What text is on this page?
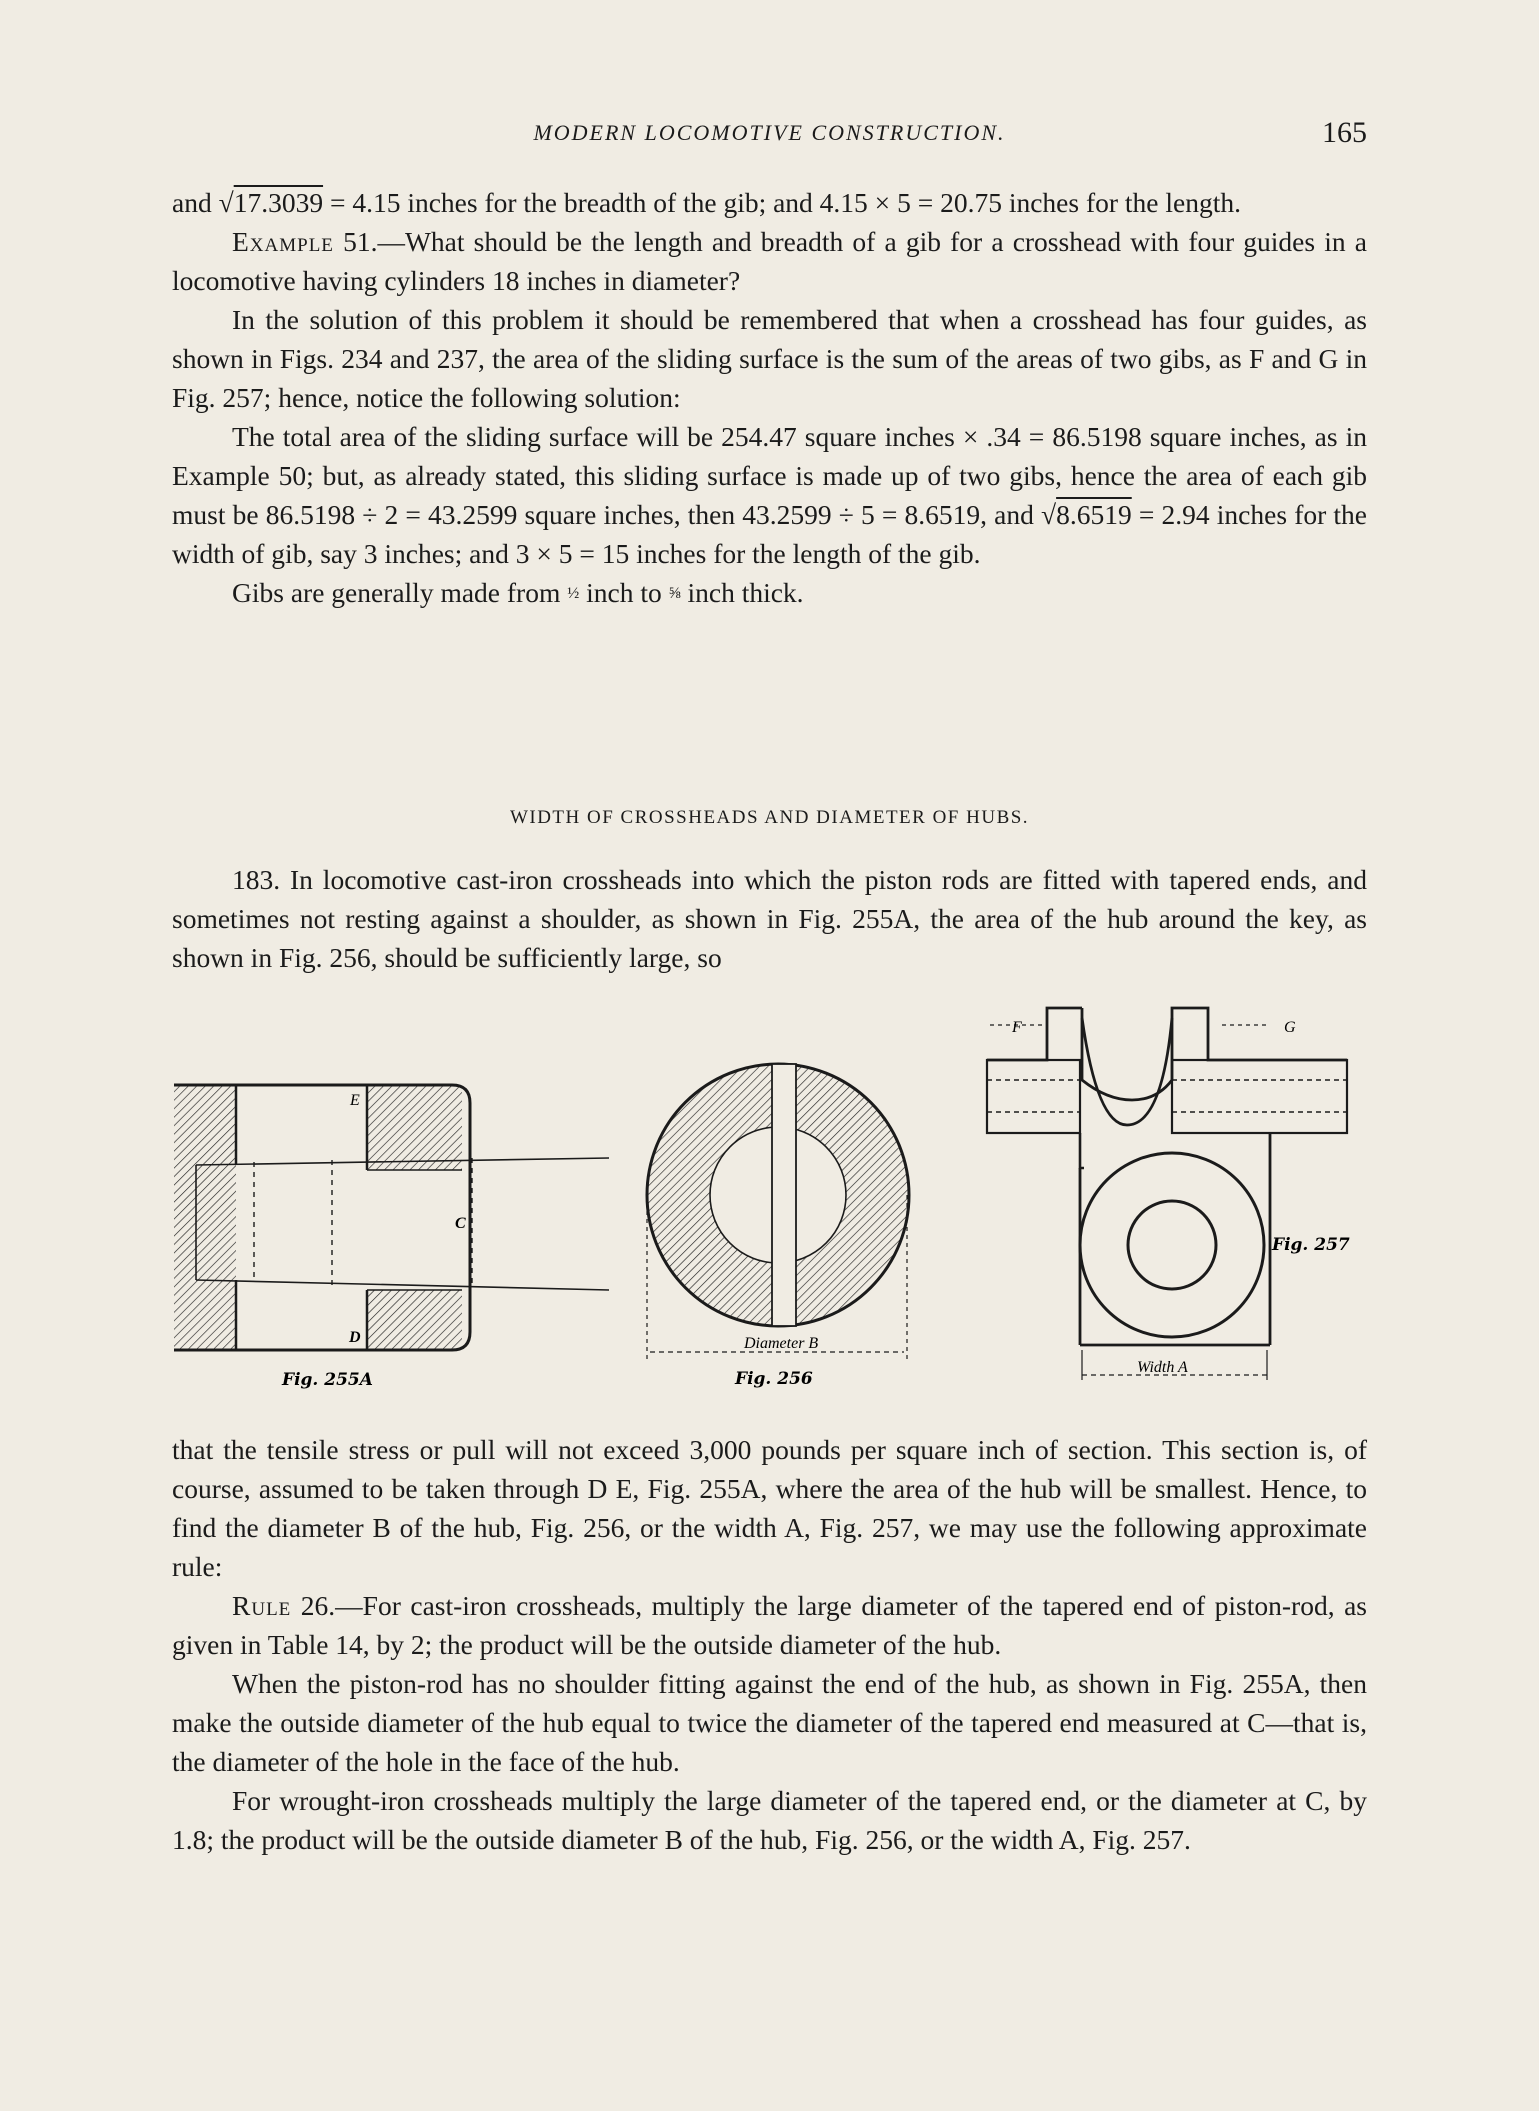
MODERN LOCOMOTIVE CONSTRUCTION.	165

and √17.3039 = 4.15 inches for the breadth of the gib; and 4.15 × 5 = 20.75 inches for the length.

Example 51.—What should be the length and breadth of a gib for a crosshead with four guides in a locomotive having cylinders 18 inches in diameter?

In the solution of this problem it should be remembered that when a crosshead has four guides, as shown in Figs. 234 and 237, the area of the sliding surface is the sum of the areas of two gibs, as F and G in Fig. 257; hence, notice the following solution:

The total area of the sliding surface will be 254.47 square inches × .34 = 86.5198 square inches, as in Example 50; but, as already stated, this sliding surface is made up of two gibs, hence the area of each gib must be 86.5198 ÷ 2 = 43.2599 square inches, then 43.2599 ÷ 5 = 8.6519, and √8.6519 = 2.94 inches for the width of gib, say 3 inches; and 3 × 5 = 15 inches for the length of the gib.

Gibs are generally made from ½ inch to ⅝ inch thick.

WIDTH OF CROSSHEADS AND DIAMETER OF HUBS.

183. In locomotive cast-iron crossheads into which the piston rods are fitted with tapered ends, and sometimes not resting against a shoulder, as shown in Fig. 255A, the area of the hub around the key, as shown in Fig. 256, should be sufficiently large, so

E
C
D
Fig. 255A
Diameter B
Fig. 256
F	G
Width A
Fig. 257

that the tensile stress or pull will not exceed 3,000 pounds per square inch of section. This section is, of course, assumed to be taken through D E, Fig. 255A, where the area of the hub will be smallest. Hence, to find the diameter B of the hub, Fig. 256, or the width A, Fig. 257, we may use the following approximate rule:

Rule 26.—For cast-iron crossheads, multiply the large diameter of the tapered end of piston-rod, as given in Table 14, by 2; the product will be the outside diameter of the hub.

When the piston-rod has no shoulder fitting against the end of the hub, as shown in Fig. 255A, then make the outside diameter of the hub equal to twice the diameter of the tapered end measured at C—that is, the diameter of the hole in the face of the hub.

For wrought-iron crossheads multiply the large diameter of the tapered end, or the diameter at C, by 1.8; the product will be the outside diameter B of the hub, Fig. 256, or the width A, Fig. 257.
